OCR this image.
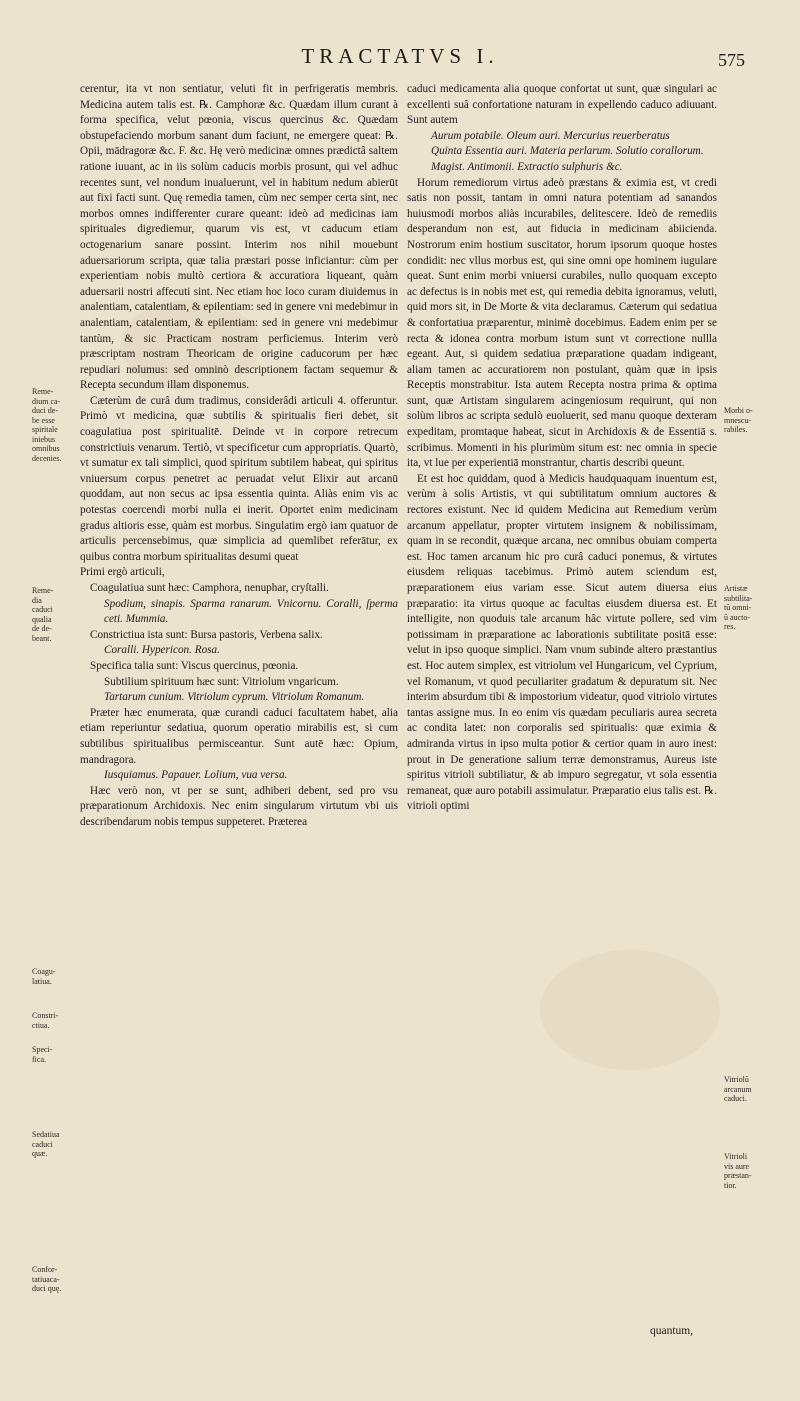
TRACTATVS I.	575

cerentur, ita vt non sentiatur, veluti fit in perfrigeratis membris. Medicina autem talis est. ℞. Camphoræ &c. Quædam illum curant à forma specifica, velut pœonia, viscus quercinus &c. Quædam obstupefaciendo morbum sanant dum faciunt, ne emergere queat: ℞. Opii, mādragoræ &c. F. &c. Hę verò medicinæ omnes prædictâ saltem ratione iuuant, ac in iis solùm caducis morbis prosunt, qui vel adhuc recentes sunt, vel nondum inualuerunt, vel in habitum nedum abierūt aut fixi facti sunt. Quę remedia tamen, cùm nec semper certa sint, nec morbos omnes indifferenter curare queant: ideò ad medicinas iam spirituales digrediemur, quarum vis est, vt caducum etiam octogenarium sanare possint. Interim nos nihil mouebunt aduersariorum scripta, quæ talia præstari posse inficiantur: cùm per experientiam nobis multò certiora & accuratiora liqueant, quàm aduersarii nostri affecuti sint. Nec etiam hoc loco curam diuidemus in analentiam, catalentiam, & epilentiam: sed in genere vni medebimur in analentiam, catalentiam, & epilentiam: sed in genere vni medebimur tantùm, & sic Practicam nostram perficiemus. Interim verò præscriptam nostram Theoricam de origine caducorum per hæc repudiari nolumus: sed omninò descriptionem factam sequemur & Recepta secundum illam disponemus.

Cæterùm de curâ dum tradimus, considerâdi articuli 4. offeruntur. Primò vt medicina, quæ subtilis & spiritualis fieri debet, sit coagulatiua post spiritualitē. Deinde vt in corpore retrecum constrictiuis venarum. Tertiò, vt specificetur cum appropriatis. Quartò, vt sumatur ex tali simplici, quod spiritum subtilem habeat, qui spiritus vniuersum corpus penetret ac peruadat velut Elixir aut arcanū quoddam, aut non secus ac ipsa essentia quinta. Aliàs enim vis ac potestas coercendi morbi nulla ei inerit. Oportet enim medicinam gradus altioris esse, quàm est morbus. Singulatim ergò iam quatuor de articulis percensebimus, quæ simplicia ad quemlibet referātur, ex quibus contra morbum spiritualitas desumi queat

Primi ergò articuli,

Coagulatiua sunt hæc: Camphora, nenuphar, cryſtalli.

Spodium, sinapis. Sparma ranarum. Vnicornu. Coralli, ſperma ceti. Mummia.

Constrictiua ista sunt: Bursa pastoris, Verbena salix.

Coralli. Hypericon. Rosa.

Specifica talia sunt: Viscus quercinus, pœonia.

Subtilium spirituum hæc sunt: Vitriolum vngaricum.

Tartarum cunium. Vitriolum cyprum. Vitriolum Romanum.

Præter hæc enumerata, quæ curandi caduci facultatem habet, alia etiam reperiuntur sedatiua, quorum operatio mirabilis est, si cum subtilibus spiritualibus permisceantur. Sunt autē hæc: Opium, mandragora.

Iusquiamus. Papauer. Lolium, vua versa.

Hæc verò non, vt per se sunt, adhiberi debent, sed pro vsu præparationum Archidoxis. Nec enim singularum virtutum vbi uis describendarum nobis tempus suppeteret. Præterea

caduci medicamenta alia quoque confortat ut sunt, quæ singulari ac excellenti suâ confortatione naturam in expellendo caduco adiuuant. Sunt autem

Aurum potabile. Oleum auri. Mercurius reuerberatus

Quinta Essentia auri. Materia perlarum. Solutio corallorum.

Magist. Antimonii. Extractio sulphuris &c.

Horum remediorum virtus adeò præstans & eximia est, vt credi satis non possit, tantam in omni natura potentiam ad sanandos huiusmodi morbos aliàs incurabiles, delitescere. Ideò de remediis desperandum non est, aut fiducia in medicinam abiicienda. Nostrorum enim hostium suscitator, horum ipsorum quoque hostes condidit: nec vllus morbus est, qui sine omni ope hominem iugulare queat. Sunt enim morbi vniuersi curabiles, nullo quoquam excepto ac defectus is in nobis met est, qui remedia debita ignoramus, veluti, quid mors sit, in De Morte & vita declaramus. Cæterum qui sedatiua & confortatiua præparentur, minimè docebimus. Eadem enim per se recta & idonea contra morbum istum sunt vt correctione nullla egeant. Aut, si quidem sedatiua præparatione quadam indigeant, aliam tamen ac accuratiorem non postulant, quàm quæ in ipsis Receptis monstrabitur. Ista autem Recepta nostra prima & optima sunt, quæ Artistam singularem acingeniosum requirunt, qui non solùm libros ac scripta sedulò euoluerit, sed manu quoque dexteram expeditam, promtaque habeat, sicut in Archidoxis & de Essentiā s. scribimus. Momenti in his plurimùm situm est: nec omnia in specie ita, vt lue per experientiā monstrantur, chartis describi queunt.

Et est hoc quiddam, quod à Medicis haudquaquam inuentum est, verùm à solis Artistis, vt qui subtilitatum omnium auctores & rectores existunt. Nec id quidem Medicina aut Remedium verùm arcanum appellatur, propter virtutem insignem & nobilissimam, quam in se recondit, quæque arcana, nec omnibus obuiam comperta est. Hoc tamen arcanum hic pro curâ caduci ponemus, & virtutes eiusdem reliquas tacebimus. Primò autem sciendum est, præparationem eius variam esse. Sicut autem diuersa eius præparatio: ita virtus quoque ac facultas eiusdem diuersa est. Et intelligite, non quoduis tale arcanum hâc virtute pollere, sed vim potissimam in præparatione ac laborationis subtilitate positā esse: velut in ipso quoque simplici. Nam vnum subinde altero præstantius est. Hoc autem simplex, est vitriolum vel Hungaricum, vel Cyprium, vel Romanum, vt quod peculiariter gradatum & depuratum sit. Nec interim absurdum tibi & impostorium videatur, quod vitriolo virtutes tantas assigne mus. In eo enim vis quædam peculiaris aurea secreta ac condita latet: non corporalis sed spiritualis: quæ eximia & admiranda virtus in ipso multa potior & certior quam in auro inest: prout in De generatione salium terræ demonstramus, Aureus iste spiritus vitrioli subtiliatur, & ab impuro segregatur, vt sola essentia remaneat, quæ auro potabili assimulatur. Præparatio eius talis est. ℞. vitrioli optimi

Reme-
dium ca-
duci de-
be esse
spiritale
iniebus
omnibus
decenies.
Reme-
dia
caduci
qualia
de de-
beant.
Coagu-
latiua.
Constri-
ctiua.
Speci-
fica.
Sedatiua
caduci
quæ.
Confor-
tatiuaca-
duci quę.
Morbi o-
mnescu-
rabiles.
Artistæ
subtilita-
tū omni-
ū aucto-
res.
Vitriolū
arcanum
caduci.
Vitrioli
vis aure
præstan-
tior.
quantum,
